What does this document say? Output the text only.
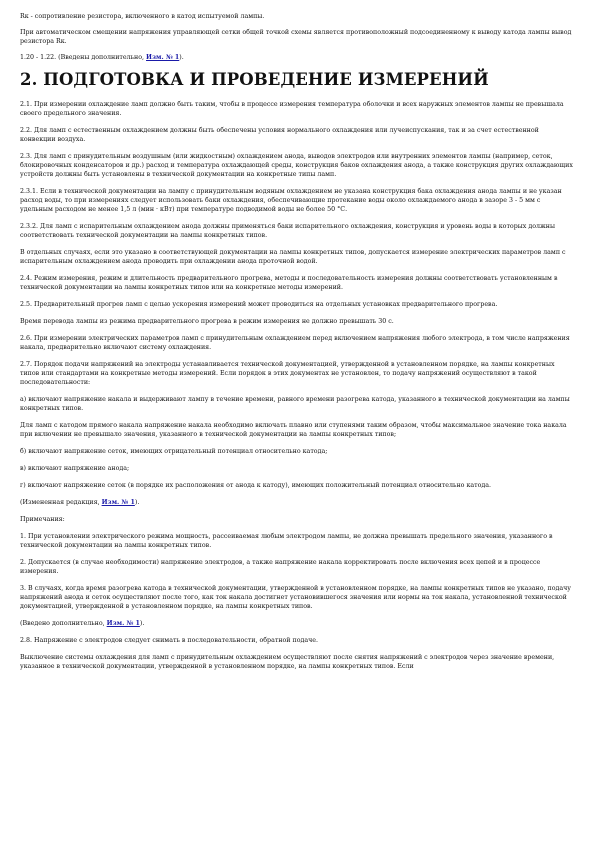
Rк - сопротивление резистора, включенного в катод испытуемой лампы.

При автоматическом смещении напряжения управляющей сетки общей точкой схемы является противоположный подсоединенному к выводу катода лампы вывод резистора Rк.

1.20 - 1.22. (Введены дополнительно, Изм. № 1).

2. ПОДГОТОВКА И ПРОВЕДЕНИЕ ИЗМЕРЕНИЙ

2.1. При измерении охлаждение ламп должно быть таким, чтобы в процессе измерения температура оболочки и всех наружных элементов лампы не превышала своего предельного значения.

2.2. Для ламп с естественным охлаждением должны быть обеспечены условия нормального охлаждения или лучеиспускания, так и за счет естественной конвекции воздуха.

2.3. Для ламп с принудительным воздушным (или жидкостным) охлаждением анода, выводов электродов или внутренних элементов лампы (например, сеток, блокировочных конденсаторов и др.) расход и температура охлаждающей среды, конструкция баков охлаждения анода, а также конструкция других охлаждающих устройств должны быть установлены в технической документации на конкретные типы ламп.

2.3.1. Если в технической документации на лампу с принудительным водяным охлаждением не указана конструкция бака охлаждения анода лампы и не указан расход воды, то при измерениях следует использовать баки охлаждения, обеспечивающие протекание воды около охлаждаемого анода в зазоре 3 - 5 мм с удельным расходом не менее 1,5 л (мин · кВт) при температуре подводимой воды не более 50 °С.

2.3.2. Для ламп с испарительным охлаждением анода должны применяться баки испарительного охлаждения, конструкция и уровень воды в которых должны соответствовать технической документации на лампы конкретных типов.

В отдельных случаях, если это указано в соответствующей документации на лампы конкретных типов, допускается измерение электрических параметров ламп с испарительным охлаждением анода проводить при охлаждении анода проточной водой.

2.4. Режим измерения, режим и длительность предварительного прогрева, методы и последовательность измерения должны соответствовать установленным в технической документации на лампы конкретных типов или на конкретные методы измерений.

2.5. Предварительный прогрев ламп с целью ускорения измерений может проводиться на отдельных установках предварительного прогрева.

Время перевода лампы из режима предварительного прогрева в режим измерения не должно превышать 30 с.

2.6. При измерении электрических параметров ламп с принудительным охлаждением перед включением напряжения любого электрода, в том числе напряжения накала, предварительно включают систему охлаждения.

2.7. Порядок подачи напряжений на электроды устанавливается технической документацией, утвержденной в установленном порядке, на лампы конкретных типов или стандартами на конкретные методы измерений. Если порядок в этих документах не установлен, то подачу напряжений осуществляют в такой последовательности:

а) включают напряжение накала и выдерживают лампу в течение времени, равного времени разогрева катода, указанного в технической документации на лампы конкретных типов.

Для ламп с катодом прямого накала напряжение накала необходимо включать плавно или ступенями таким образом, чтобы максимальное значение тока накала при включении не превышало значения, указанного в технической документации на лампы конкретных типов;

б) включают напряжение сеток, имеющих отрицательный потенциал относительно катода;

в) включают напряжение анода;

г) включают напряжение сеток (в порядке их расположения от анода к катоду), имеющих положительный потенциал относительно катода.

(Измененная редакция, Изм. № 1).

Примечания:

1. При установлении электрического режима мощность, рассеиваемая любым электродом лампы, не должна превышать предельного значения, указанного в технической документации на лампы конкретных типов.

2. Допускается (в случае необходимости) напряжение электродов, а также напряжение накала корректировать после включения всех цепей и в процессе измерения.

3. В случаях, когда время разогрева катода в технической документации, утвержденной в установленном порядке, на лампы конкретных типов не указано, подачу напряжений анода и сеток осуществляют после того, как ток накала достигнет установившегося значения или нормы на ток накала, установленной технической документацией, утвержденной в установленном порядке, на лампы конкретных типов.

(Введено дополнительно, Изм. № 1).

2.8. Напряжение с электродов следует снимать в последовательности, обратной подаче.

Выключение системы охлаждения для ламп с принудительным охлаждением осуществляют после снятия напряжений с электродов через значение времени, указанное в технической документации, утвержденной в установленном порядке, на лампы конкретных типов. Если
